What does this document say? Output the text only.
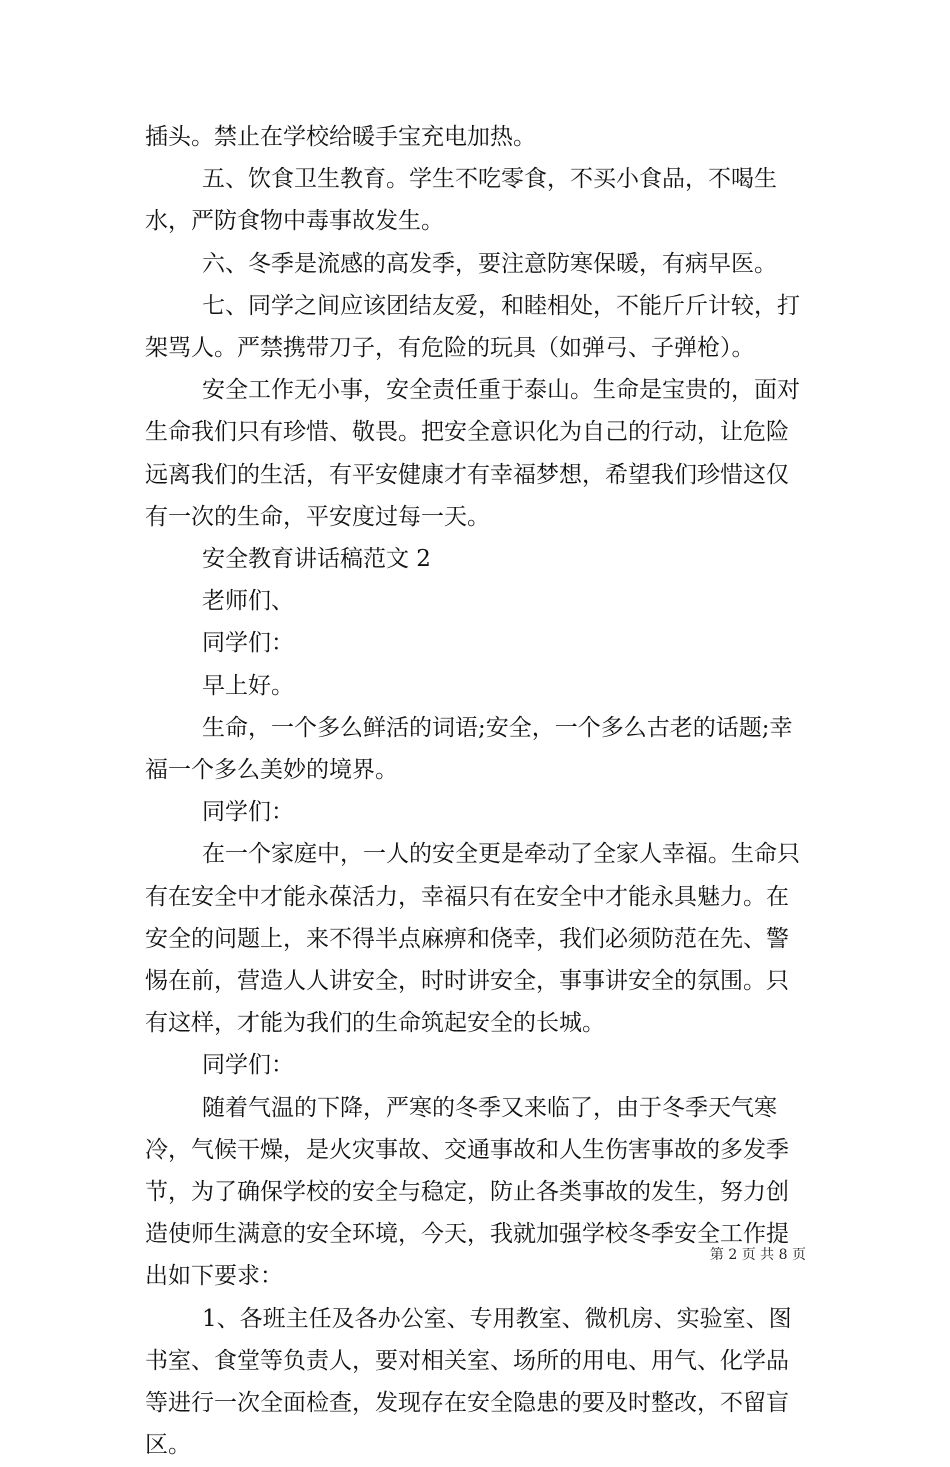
插头。禁止在学校给暖手宝充电加热。

五、饮食卫生教育。学生不吃零食，不买小食品，不喝生水，严防食物中毒事故发生。

六、冬季是流感的高发季，要注意防寒保暖，有病早医。

七、同学之间应该团结友爱，和睦相处，不能斤斤计较，打架骂人。严禁携带刀子，有危险的玩具（如弹弓、子弹枪）。

安全工作无小事，安全责任重于泰山。生命是宝贵的，面对生命我们只有珍惜、敬畏。把安全意识化为自己的行动，让危险远离我们的生活，有平安健康才有幸福梦想，希望我们珍惜这仅有一次的生命，平安度过每一天。

安全教育讲话稿范文 2

老师们、

同学们：

早上好。

生命，一个多么鲜活的词语;安全，一个多么古老的话题;幸福一个多么美妙的境界。

同学们：

在一个家庭中，一人的安全更是牵动了全家人幸福。生命只有在安全中才能永葆活力，幸福只有在安全中才能永具魅力。在安全的问题上，来不得半点麻痹和侥幸，我们必须防范在先、警惕在前，营造人人讲安全，时时讲安全，事事讲安全的氛围。只有这样，才能为我们的生命筑起安全的长城。

同学们：

随着气温的下降，严寒的冬季又来临了，由于冬季天气寒冷，气候干燥，是火灾事故、交通事故和人生伤害事故的多发季节，为了确保学校的安全与稳定，防止各类事故的发生，努力创造使师生满意的安全环境，今天，我就加强学校冬季安全工作提出如下要求：

1、各班主任及各办公室、专用教室、微机房、实验室、图书室、食堂等负责人，要对相关室、场所的用电、用气、化学品等进行一次全面检查，发现存在安全隐患的要及时整改，不留盲区。

第 2 页 共 8 页
